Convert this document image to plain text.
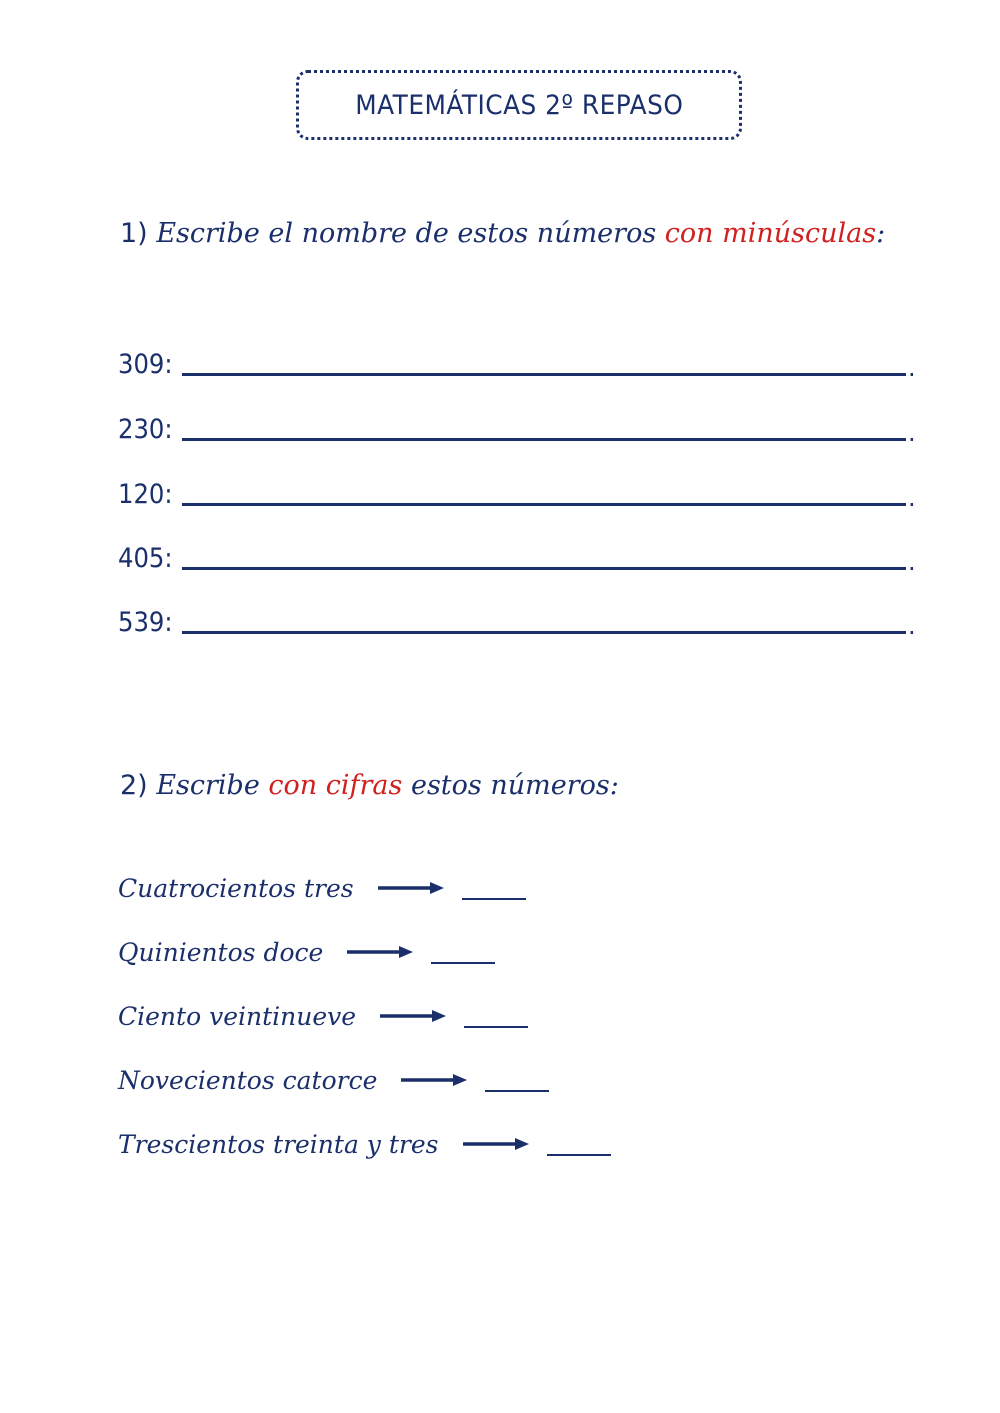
MATEMÁTICAS 2º REPASO
1) Escribe el nombre de estos números con minúsculas:
309:	.
230:	.
120:	.
405:	.
539:	.
2) Escribe con cifras estos números:
Cuatrocientos tres
Quinientos doce
Ciento veintinueve
Novecientos catorce
Trescientos treinta y tres
